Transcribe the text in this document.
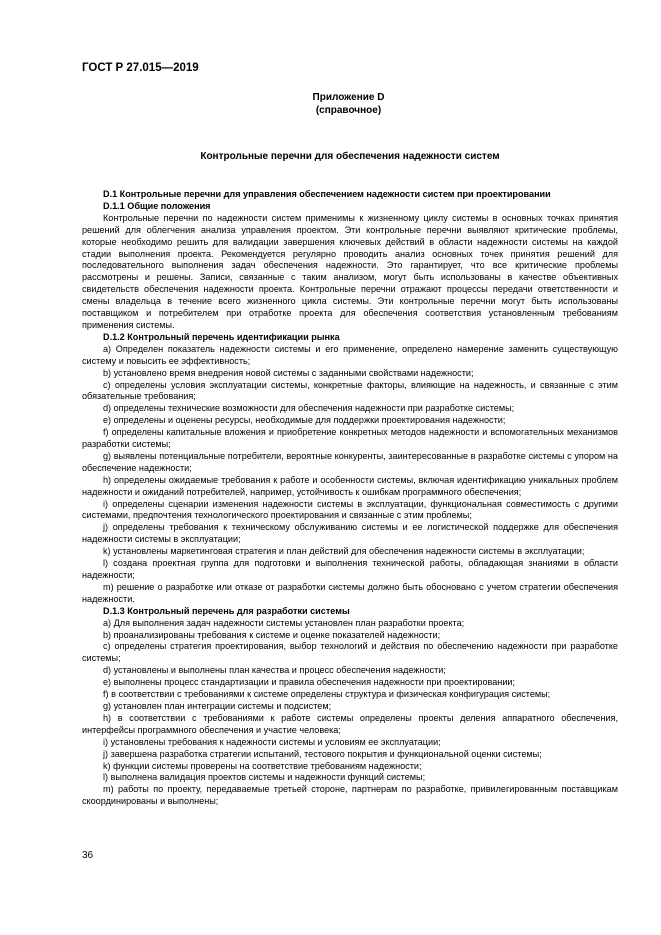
ГОСТ Р 27.015—2019
Приложение D
(справочное)
Контрольные перечни для обеспечения надежности систем

D.1 Контрольные перечни для управления обеспечением надежности систем при проектировании

D.1.1 Общие положения

Контрольные перечни по надежности систем применимы к жизненному циклу системы в основных точках принятия решений для облегчения анализа управления проектом. Эти контрольные перечни выявляют критические проблемы, которые необходимо решить для валидации завершения ключевых действий в области надежности системы на каждой стадии выполнения проекта. Рекомендуется регулярно проводить анализ основных точек принятия решений для последовательного выполнения задач обеспечения надежности. Это гарантирует, что все критические проблемы рассмотрены и решены. Записи, связанные с таким анализом, могут быть использованы в качестве объективных свидетельств обеспечения надежности проекта. Контрольные перечни отражают процессы передачи ответственности и смены владельца в течение всего жизненного цикла системы. Эти контрольные перечни могут быть использованы поставщиком и потребителем при отработке проекта для обеспечения соответствия установленным требованиям применения системы.

D.1.2 Контрольный перечень идентификации рынка

a) Определен показатель надежности системы и его применение, определено намерение заменить существующую систему и повысить ее эффективность;

b) установлено время внедрения новой системы с заданными свойствами надежности;

c) определены условия эксплуатации системы, конкретные факторы, влияющие на надежность, и связанные с этим обязательные требования;

d) определены технические возможности для обеспечения надежности при разработке системы;

e) определены и оценены ресурсы, необходимые для поддержки проектирования надежности;

f) определены капитальные вложения и приобретение конкретных методов надежности и вспомогательных механизмов разработки системы;

g) выявлены потенциальные потребители, вероятные конкуренты, заинтересованные в разработке системы с упором на обеспечение надежности;

h) определены ожидаемые требования к работе и особенности системы, включая идентификацию уникальных проблем надежности и ожиданий потребителей, например, устойчивость к ошибкам программного обеспечения;

i) определены сценарии изменения надежности системы в эксплуатации, функциональная совместимость с другими системами, предпочтения технологического проектирования и связанные с этим проблемы;

j) определены требования к техническому обслуживанию системы и ее логистической поддержке для обеспечения надежности системы в эксплуатации;

k) установлены маркетинговая стратегия и план действий для обеспечения надежности системы в эксплуатации;

l) создана проектная группа для подготовки и выполнения технической работы, обладающая знаниями в области надежности;

m) решение о разработке или отказе от разработки системы должно быть обосновано с учетом стратегии обеспечения надежности.

D.1.3 Контрольный перечень для разработки системы

a) Для выполнения задач надежности системы установлен план разработки проекта;

b) проанализированы требования к системе и оценке показателей надежности;

c) определены стратегия проектирования, выбор технологий и действия по обеспечению надежности при разработке системы;

d) установлены и выполнены план качества и процесс обеспечения надежности;

e) выполнены процесс стандартизации и правила обеспечения надежности при проектировании;

f) в соответствии с требованиями к системе определены структура и физическая конфигурация системы;

g) установлен план интеграции системы и подсистем;

h) в соответствии с требованиями к работе системы определены проекты деления аппаратного обеспечения, интерфейсы программного обеспечения и участие человека;

i) установлены требования к надежности системы и условиям ее эксплуатации;

j) завершена разработка стратегии испытаний, тестового покрытия и функциональной оценки системы;

k) функции системы проверены на соответствие требованиям надежности;

l) выполнена валидация проектов системы и надежности функций системы;

m) работы по проекту, передаваемые третьей стороне, партнерам по разработке, привилегированным поставщикам скоординированы и выполнены;

36
